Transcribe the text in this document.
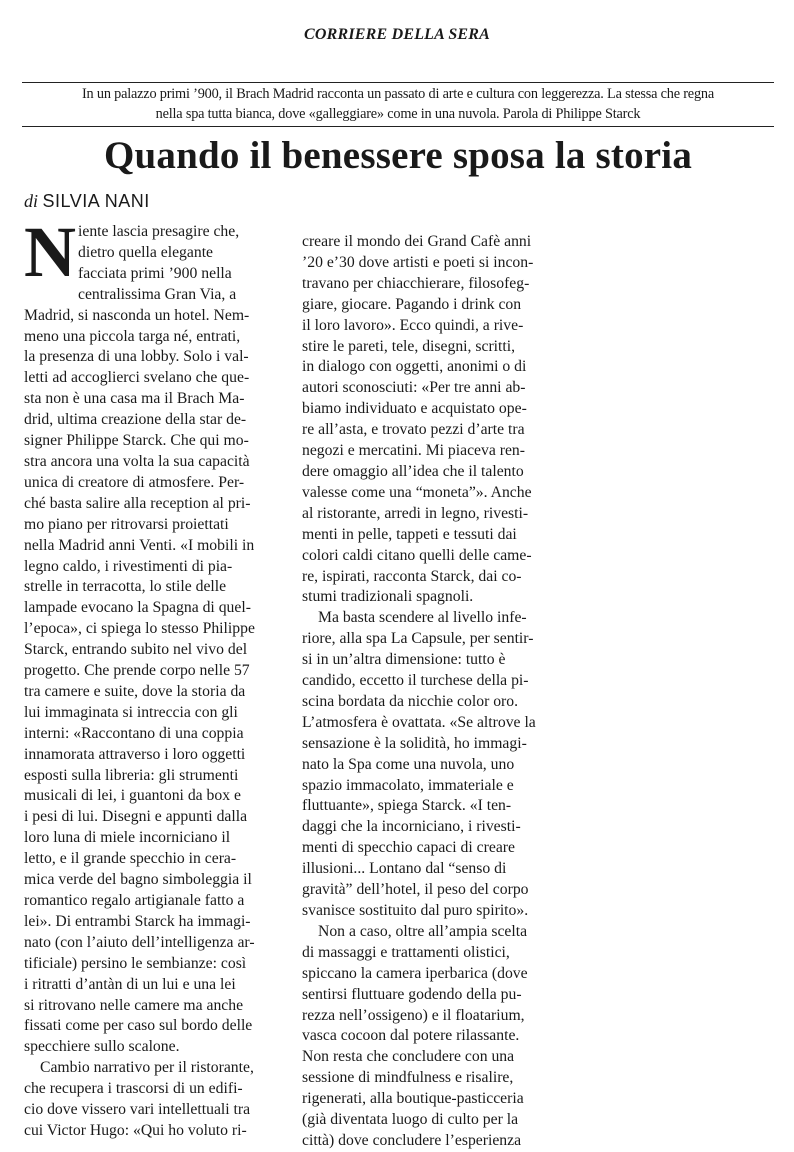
CORRIERE DELLA SERA
In un palazzo primi ’900, il Brach Madrid racconta un passato di arte e cultura con leggerezza. La stessa che regna
nella spa tutta bianca, dove «galleggiare» come in una nuvola. Parola di Philippe Starck
Quando il benessere sposa la storia
di SILVIA NANI
N iente lascia presagire che,
dietro quella elegante
facciata primi ’900 nella
centralissima Gran Via, a
Madrid, si nasconda un hotel. Nem-
meno una piccola targa né, entrati,
la presenza di una lobby. Solo i val-
letti ad accoglierci svelano che que-
sta non è una casa ma il Brach Ma-
drid, ultima creazione della star de-
signer Philippe Starck. Che qui mo-
stra ancora una volta la sua capacità
unica di creatore di atmosfere. Per-
ché basta salire alla reception al pri-
mo piano per ritrovarsi proiettati
nella Madrid anni Venti. «I mobili in
legno caldo, i rivestimenti di pia-
strelle in terracotta, lo stile delle
lampade evocano la Spagna di quel-
l’epoca», ci spiega lo stesso Philippe
Starck, entrando subito nel vivo del
progetto. Che prende corpo nelle 57
tra camere e suite, dove la storia da
lui immaginata si intreccia con gli
interni: «Raccontano di una coppia
innamorata attraverso i loro oggetti
esposti sulla libreria: gli strumenti
musicali di lei, i guantoni da box e
i pesi di lui. Disegni e appunti dalla
loro luna di miele incorniciano il
letto, e il grande specchio in cera-
mica verde del bagno simboleggia il
romantico regalo artigianale fatto a
lei». Di entrambi Starck ha immagi-
nato (con l’aiuto dell’intelligenza ar-
tificiale) persino le sembianze: così
i ritratti d’antàn di un lui e una lei
si ritrovano nelle camere ma anche
fissati come per caso sul bordo delle
specchiere sullo scalone.
Cambio narrativo per il ristorante,
che recupera i trascorsi di un edifi-
cio dove vissero vari intellettuali tra
cui Victor Hugo: «Qui ho voluto ri-
creare il mondo dei Grand Cafè anni
’20 e’30 dove artisti e poeti si incon-
travano per chiacchierare, filosofeg-
giare, giocare. Pagando i drink con
il loro lavoro». Ecco quindi, a rive-
stire le pareti, tele, disegni, scritti,
in dialogo con oggetti, anonimi o di
autori sconosciuti: «Per tre anni ab-
biamo individuato e acquistato ope-
re all’asta, e trovato pezzi d’arte tra
negozi e mercatini. Mi piaceva ren-
dere omaggio all’idea che il talento
valesse come una “moneta”». Anche
al ristorante, arredi in legno, rivesti-
menti in pelle, tappeti e tessuti dai
colori caldi citano quelli delle came-
re, ispirati, racconta Starck, dai co-
stumi tradizionali spagnoli.
Ma basta scendere al livello infe-
riore, alla spa La Capsule, per sentir-
si in un’altra dimensione: tutto è
candido, eccetto il turchese della pi-
scina bordata da nicchie color oro.
L’atmosfera è ovattata. «Se altrove la
sensazione è la solidità, ho immagi-
nato la Spa come una nuvola, uno
spazio immacolato, immateriale e
fluttuante», spiega Starck. «I ten-
daggi che la incorniciano, i rivesti-
menti di specchio capaci di creare
illusioni... Lontano dal “senso di
gravità” dell’hotel, il peso del corpo
svanisce sostituito dal puro spirito».
Non a caso, oltre all’ampia scelta
di massaggi e trattamenti olistici,
spiccano la camera iperbarica (dove
sentirsi fluttuare godendo della pu-
rezza nell’ossigeno) e il floatarium,
vasca cocoon dal potere rilassante.
Non resta che concludere con una
sessione di mindfulness e risalire,
rigenerati, alla boutique-pasticceria
(già diventata luogo di culto per la
città) dove concludere l’esperienza
